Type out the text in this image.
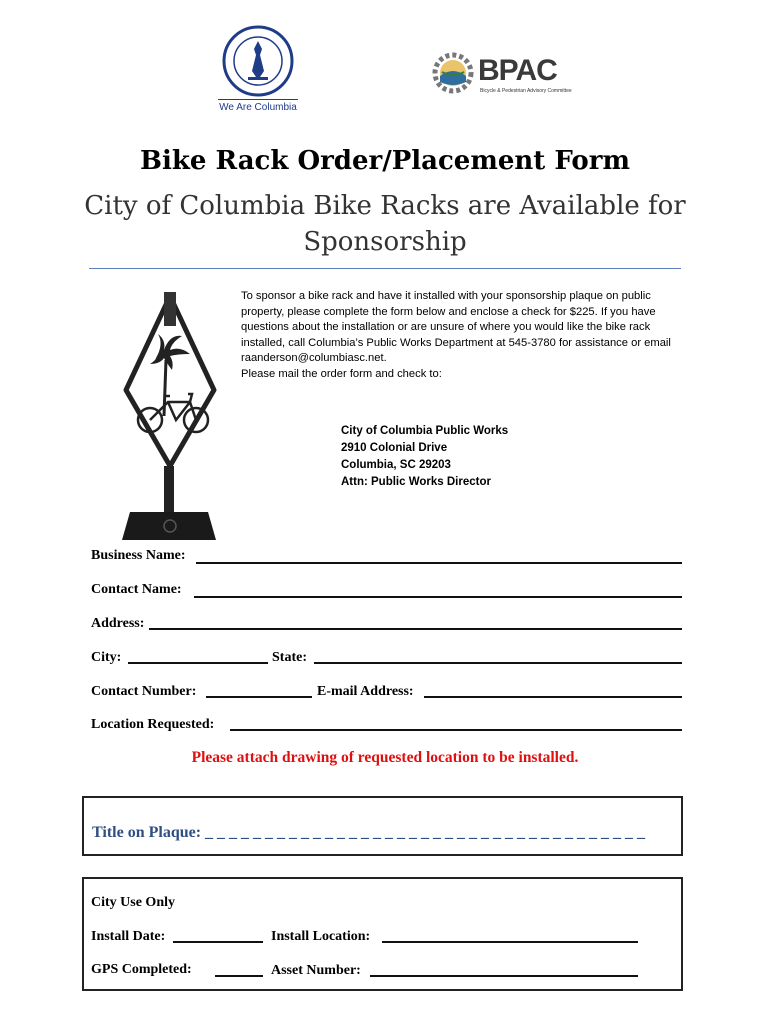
We Are Columbia
BPAC
Bicycle & Pedestrian Advisory Committee
Bike Rack Order/Placement Form
City of Columbia Bike Racks are Available for Sponsorship

To sponsor a bike rack and have it installed with your sponsorship plaque on public property, please complete the form below and enclose a check for $225. If you have questions about the installation or are unsure of where you would like the bike rack installed, call Columbia’s Public Works Department at 545-3780 for assistance or email raanderson@columbiasc.net.

Please mail the order form and check to:

City of Columbia Public Works
2910 Colonial Drive
Columbia, SC 29203
Attn: Public Works Director
Business Name:
Contact Name:
Address:
City:	State:
Contact Number:	E-mail Address:
Location Requested:
Please attach drawing of requested location to be installed.
Title on Plaque: _ _ _ _ _ _ _ _ _ _ _ _ _ _ _ _ _ _ _ _ _ _ _ _ _ _ _ _ _ _ _ _ _ _ _ _ _
City Use Only
Install Date:	Install Location:
GPS Completed:	Asset Number:
